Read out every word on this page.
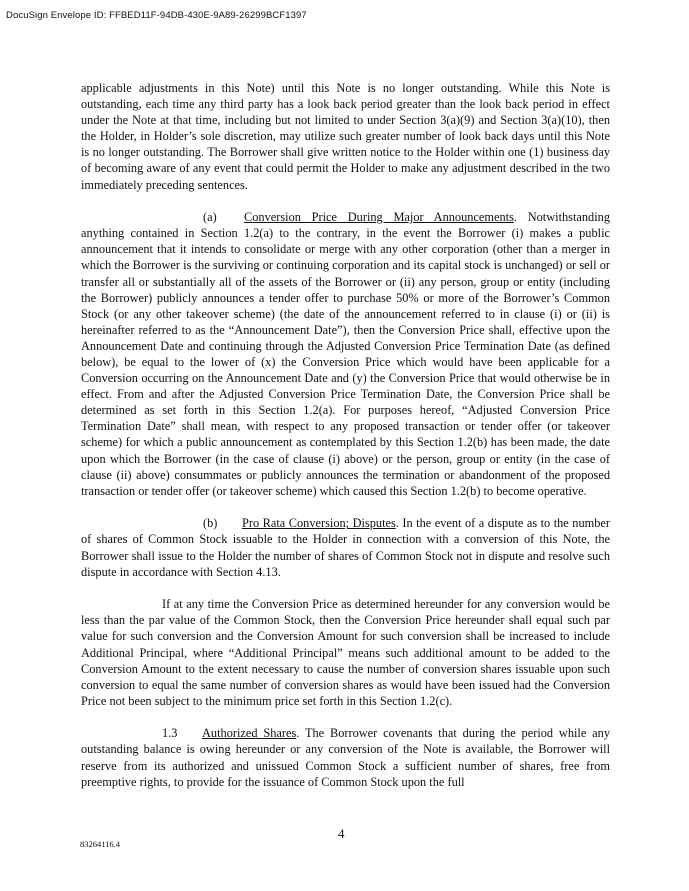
DocuSign Envelope ID: FFBED11F-94DB-430E-9A89-26299BCF1397

applicable adjustments in this Note) until this Note is no longer outstanding. While this Note is outstanding, each time any third party has a look back period greater than the look back period in effect under the Note at that time, including but not limited to under Section 3(a)(9) and Section 3(a)(10), then the Holder, in Holder’s sole discretion, may utilize such greater number of look back days until this Note is no longer outstanding. The Borrower shall give written notice to the Holder within one (1) business day of becoming aware of any event that could permit the Holder to make any adjustment described in the two immediately preceding sentences.

(a) Conversion Price During Major Announcements. Notwithstanding anything contained in Section 1.2(a) to the contrary, in the event the Borrower (i) makes a public announcement that it intends to consolidate or merge with any other corporation (other than a merger in which the Borrower is the surviving or continuing corporation and its capital stock is unchanged) or sell or transfer all or substantially all of the assets of the Borrower or (ii) any person, group or entity (including the Borrower) publicly announces a tender offer to purchase 50% or more of the Borrower’s Common Stock (or any other takeover scheme) (the date of the announcement referred to in clause (i) or (ii) is hereinafter referred to as the “Announcement Date”), then the Conversion Price shall, effective upon the Announcement Date and continuing through the Adjusted Conversion Price Termination Date (as defined below), be equal to the lower of (x) the Conversion Price which would have been applicable for a Conversion occurring on the Announcement Date and (y) the Conversion Price that would otherwise be in effect. From and after the Adjusted Conversion Price Termination Date, the Conversion Price shall be determined as set forth in this Section 1.2(a). For purposes hereof, “Adjusted Conversion Price Termination Date” shall mean, with respect to any proposed transaction or tender offer (or takeover scheme) for which a public announcement as contemplated by this Section 1.2(b) has been made, the date upon which the Borrower (in the case of clause (i) above) or the person, group or entity (in the case of clause (ii) above) consummates or publicly announces the termination or abandonment of the proposed transaction or tender offer (or takeover scheme) which caused this Section 1.2(b) to become operative.

(b) Pro Rata Conversion; Disputes. In the event of a dispute as to the number of shares of Common Stock issuable to the Holder in connection with a conversion of this Note, the Borrower shall issue to the Holder the number of shares of Common Stock not in dispute and resolve such dispute in accordance with Section 4.13.

If at any time the Conversion Price as determined hereunder for any conversion would be less than the par value of the Common Stock, then the Conversion Price hereunder shall equal such par value for such conversion and the Conversion Amount for such conversion shall be increased to include Additional Principal, where “Additional Principal” means such additional amount to be added to the Conversion Amount to the extent necessary to cause the number of conversion shares issuable upon such conversion to equal the same number of conversion shares as would have been issued had the Conversion Price not been subject to the minimum price set forth in this Section 1.2(c).

1.3 Authorized Shares. The Borrower covenants that during the period while any outstanding balance is owing hereunder or any conversion of the Note is available, the Borrower will reserve from its authorized and unissued Common Stock a sufficient number of shares, free from preemptive rights, to provide for the issuance of Common Stock upon the full

4
83264116.4
